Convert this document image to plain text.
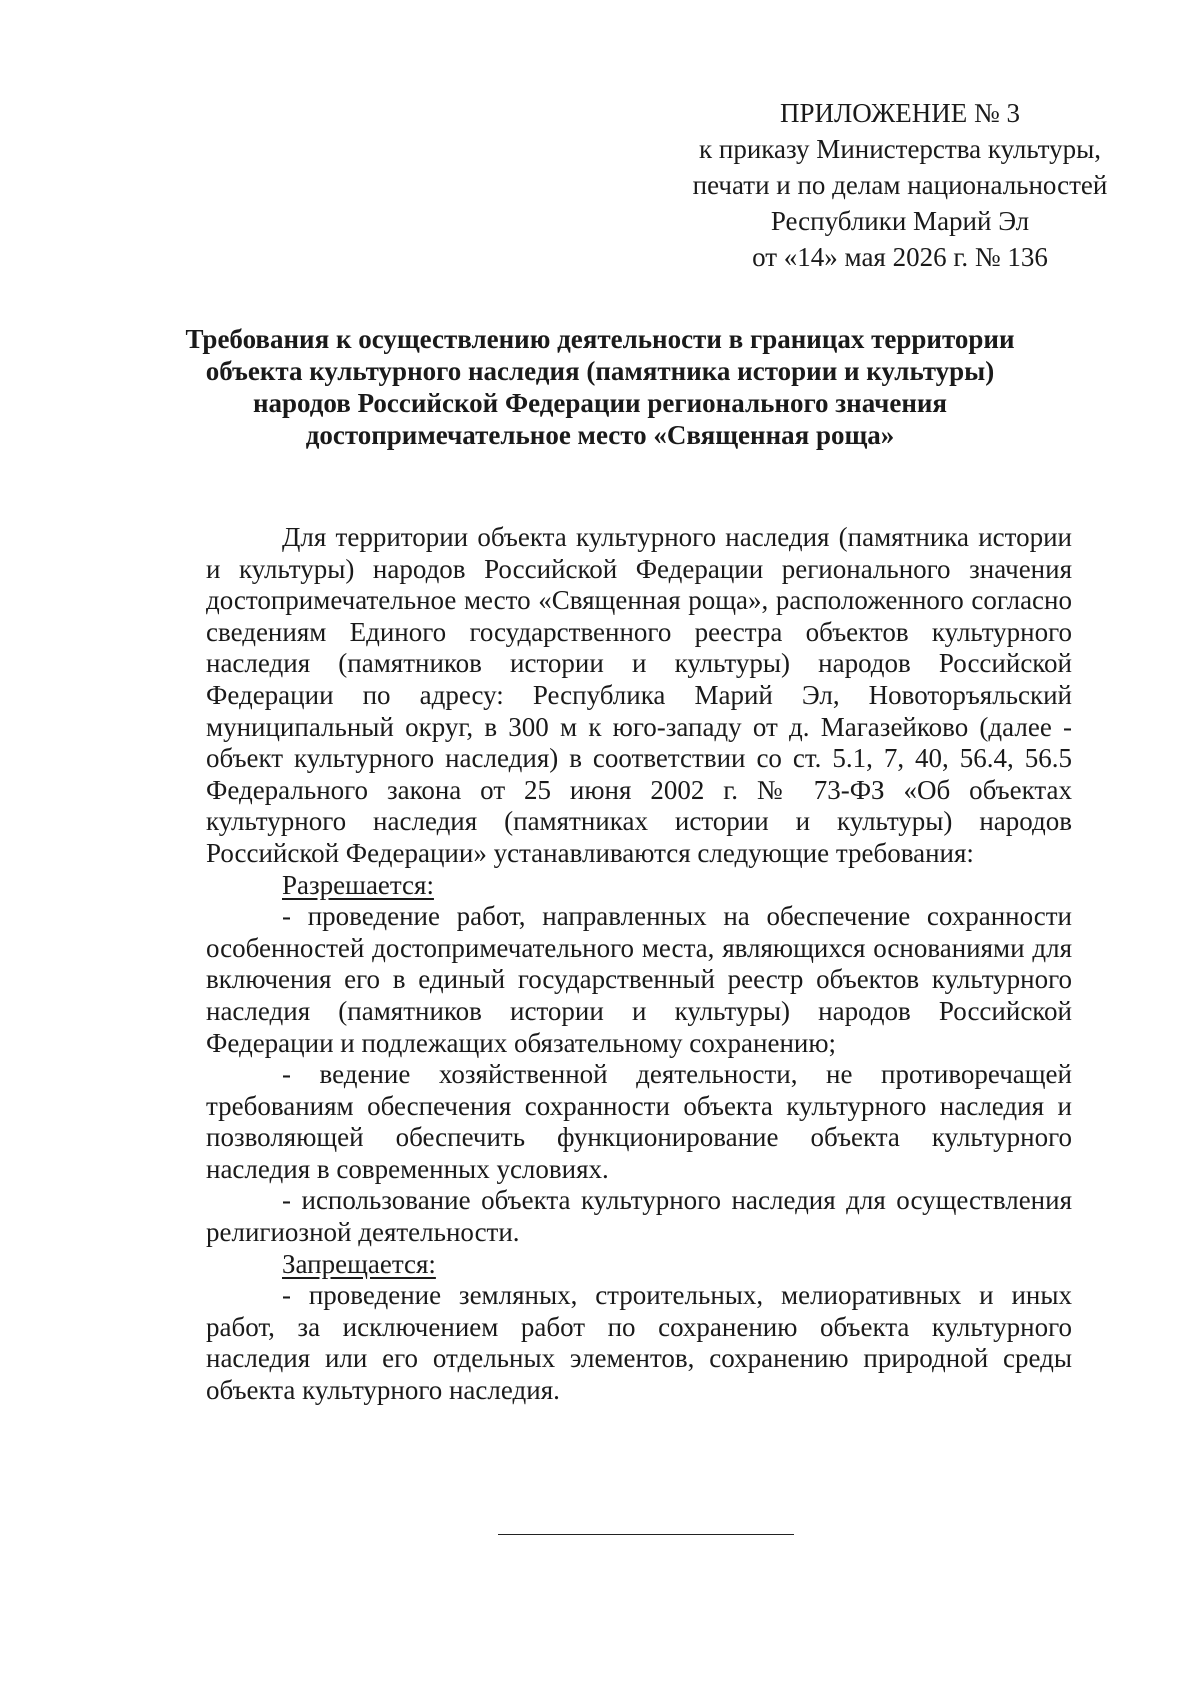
ПРИЛОЖЕНИЕ № 3
к приказу Министерства культуры,
печати и по делам национальностей
Республики Марий Эл
от «14» мая 2026 г. № 136
Требования к осуществлению деятельности в границах территории
объекта культурного наследия (памятника истории и культуры)
народов Российской Федерации регионального значения
достопримечательное место «Священная роща»

Для территории объекта культурного наследия (памятника истории и культуры) народов Российской Федерации регионального значения достопримечательное место «Священная роща», расположенного согласно сведениям Единого государственного реестра объектов культурного наследия (памятников истории и культуры) народов Российской Федерации по адресу: Республика Марий Эл, Новоторъяльский муниципальный округ, в 300 м к юго-западу от д. Магазейково (далее - объект культурного наследия) в соответствии со ст. 5.1, 7, 40, 56.4, 56.5 Федерального закона от 25 июня 2002 г. № 73-ФЗ «Об объектах культурного наследия (памятниках истории и культуры) народов Российской Федерации» устанавливаются следующие требования:

Разрешается:

- проведение работ, направленных на обеспечение сохранности особенностей достопримечательного места, являющихся основаниями для включения его в единый государственный реестр объектов культурного наследия (памятников истории и культуры) народов Российской Федерации и подлежащих обязательному сохранению;

- ведение хозяйственной деятельности, не противоречащей требованиям обеспечения сохранности объекта культурного наследия и позволяющей обеспечить функционирование объекта культурного наследия в современных условиях.

- использование объекта культурного наследия для осуществления религиозной деятельности.

Запрещается:

- проведение земляных, строительных, мелиоративных и иных работ, за исключением работ по сохранению объекта культурного наследия или его отдельных элементов, сохранению природной среды объекта культурного наследия.
